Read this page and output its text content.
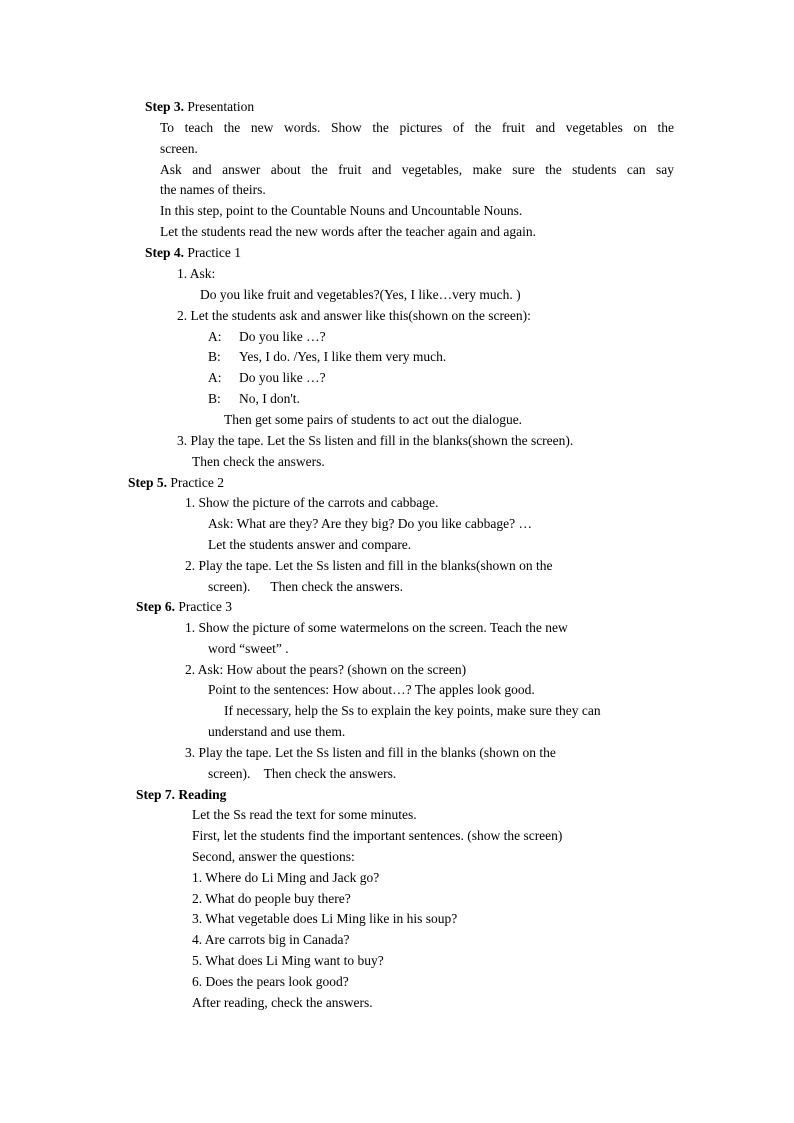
Step 3. Presentation
To teach the new words. Show the pictures of the fruit and vegetables on the
screen.
Ask and answer about the fruit and vegetables, make sure the students can say
the names of theirs.
In this step, point to the Countable Nouns and Uncountable Nouns.
Let the students read the new words after the teacher again and again.
Step 4. Practice 1
1. Ask:
Do you like fruit and vegetables?(Yes, I like…very much. )
2. Let the students ask and answer like this(shown on the screen):
A: Do you like …?
B: Yes, I do. /Yes, I like them very much.
A: Do you like …?
B: No, I don't.
Then get some pairs of students to act out the dialogue.
3. Play the tape. Let the Ss listen and fill in the blanks(shown the screen).
Then check the answers.
Step 5. Practice 2
1. Show the picture of the carrots and cabbage.
Ask: What are they? Are they big? Do you like cabbage? …
Let the students answer and compare.
2. Play the tape. Let the Ss listen and fill in the blanks(shown on the
screen).      Then check the answers.
Step 6. Practice 3
1. Show the picture of some watermelons on the screen. Teach the new
word “sweet” .
2. Ask: How about the pears? (shown on the screen)
Point to the sentences: How about…? The apples look good.
If necessary, help the Ss to explain the key points, make sure they can
understand and use them.
3. Play the tape. Let the Ss listen and fill in the blanks (shown on the
screen).    Then check the answers.
Step 7. Reading
Let the Ss read the text for some minutes.
First, let the students find the important sentences. (show the screen)
Second, answer the questions:
1. Where do Li Ming and Jack go?
2. What do people buy there?
3. What vegetable does Li Ming like in his soup?
4. Are carrots big in Canada?
5. What does Li Ming want to buy?
6. Does the pears look good?
After reading, check the answers.
